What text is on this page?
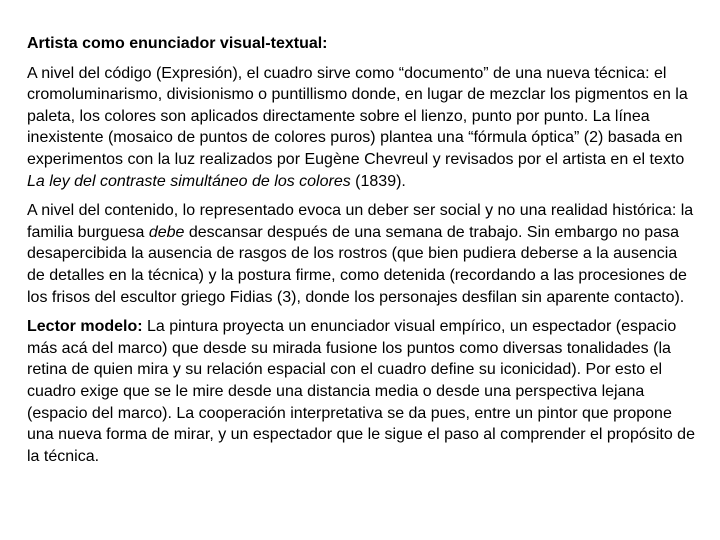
Artista como enunciador visual-textual:

A nivel del código (Expresión), el cuadro sirve como “documento” de una nueva técnica: el cromoluminarismo, divisionismo o puntillismo donde, en lugar de mezclar los pigmentos en la paleta, los colores son aplicados directamente sobre el lienzo, punto por punto. La línea inexistente (mosaico de puntos de colores puros) plantea una “fórmula óptica” (2) basada en experimentos con la luz realizados por Eugène Chevreul y revisados por el artista en el texto La ley del contraste simultáneo de los colores (1839).

A nivel del contenido, lo representado evoca un deber ser social y no una realidad histórica: la familia burguesa debe descansar después de una semana de trabajo. Sin embargo no pasa desapercibida la ausencia de rasgos de los rostros (que bien pudiera deberse a la ausencia de detalles en la técnica) y la postura firme, como detenida (recordando a las procesiones de los frisos del escultor griego Fidias (3), donde los personajes desfilan sin aparente contacto).

Lector modelo: La pintura proyecta un enunciador visual empírico, un espectador (espacio más acá del marco) que desde su mirada fusione los puntos como diversas tonalidades (la retina de quien mira y su relación espacial con el cuadro define su iconicidad). Por esto el cuadro exige que se le mire desde una distancia media o desde una perspectiva lejana (espacio del marco). La cooperación interpretativa se da pues, entre un pintor que propone una nueva forma de mirar, y un espectador que le sigue el paso al comprender el propósito de la técnica.
